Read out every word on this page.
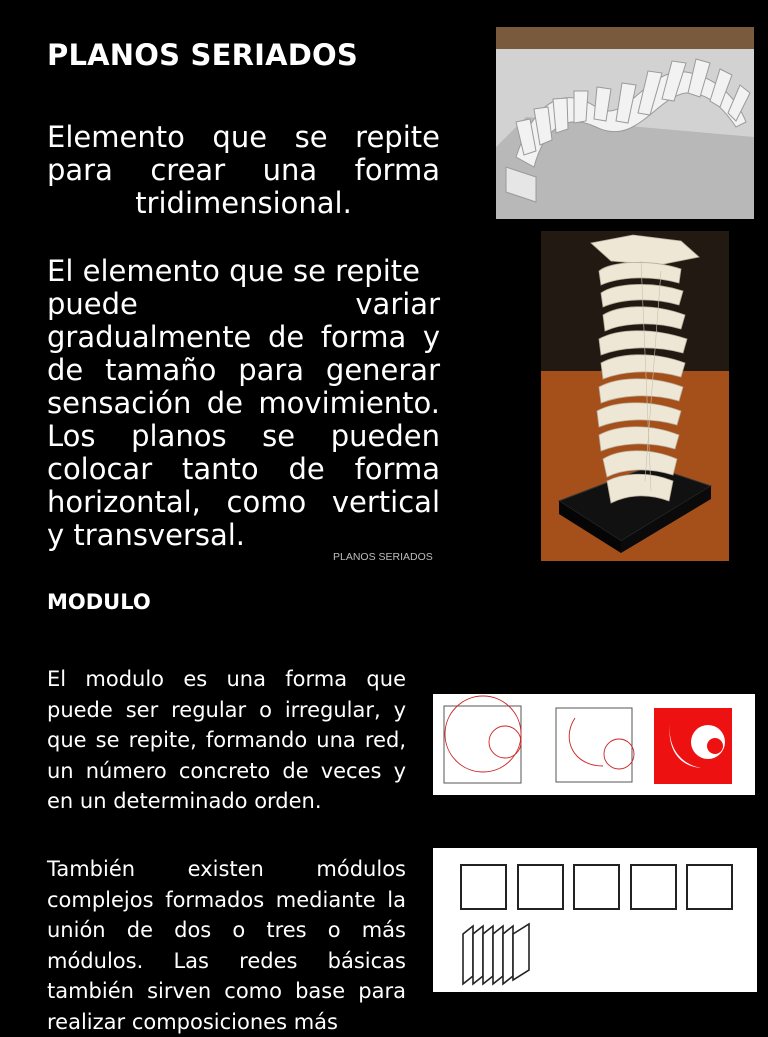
PLANOS SERIADOS
Elemento que se repite para crear una forma tridimensional.
El elemento que se repite
puede variar
gradualmente de forma y
de tamaño para generar
sensación de movimiento.
Los planos se pueden
colocar tanto de forma
horizontal, como vertical
y transversal.
PLANOS SERIADOS
MODULO
El modulo es una forma que puede ser regular o irregular, y que se repite, formando una red, un número concreto de veces y en un determinado orden.
También existen módulos complejos formados mediante la unión de dos o tres o más módulos. Las redes básicas también sirven como base para realizar composiciones más
